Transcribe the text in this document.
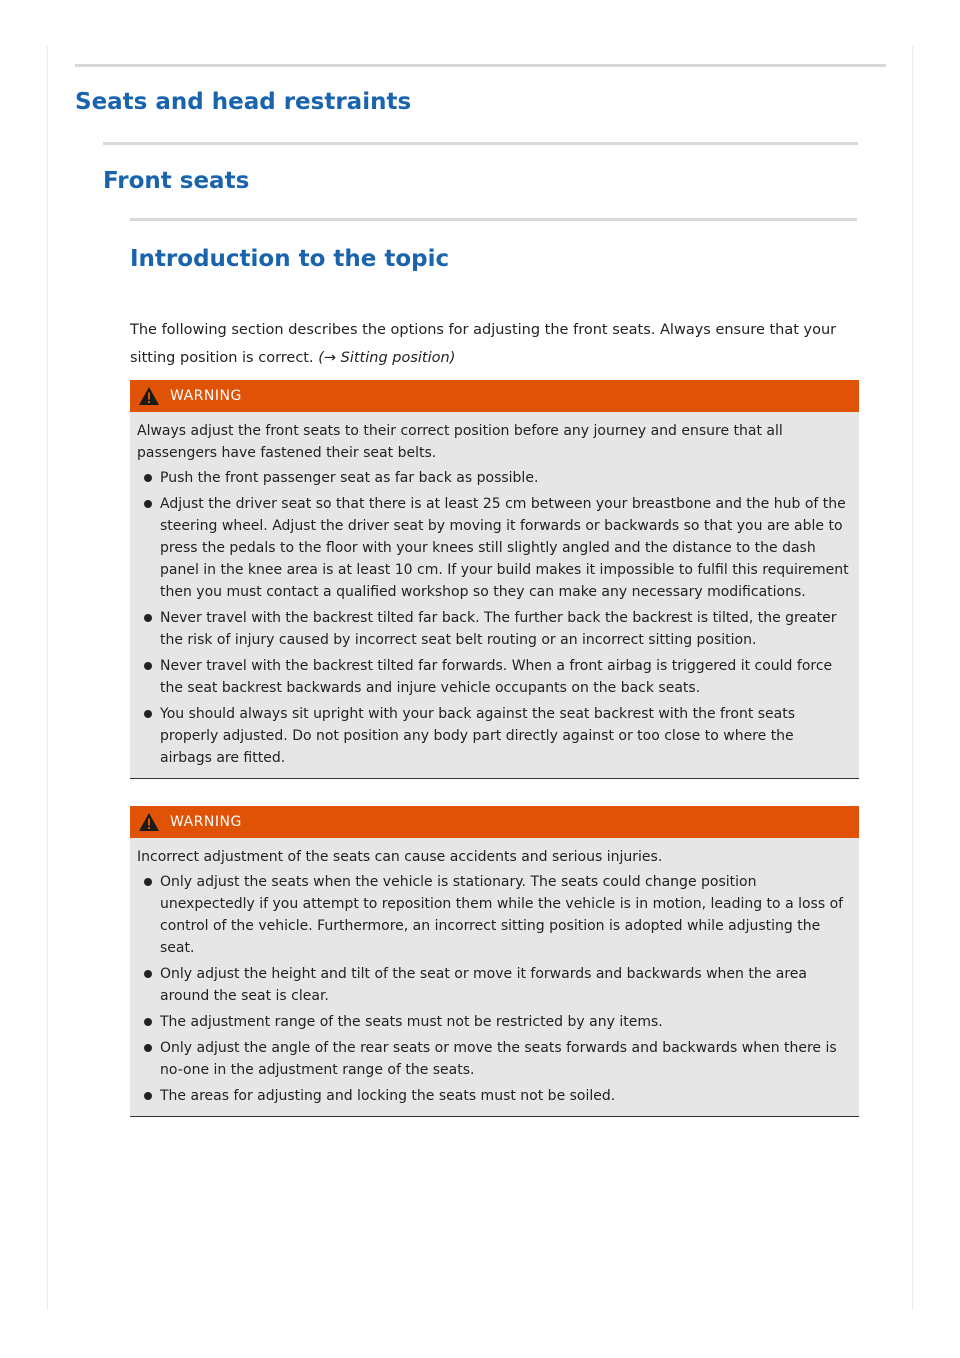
Seats and head restraints
Front seats
Introduction to the topic

The following section describes the options for adjusting the front seats. Always ensure that your sitting position is correct. (→ Sitting position)

WARNING

Always adjust the front seats to their correct position before any journey and ensure that all passengers have fastened their seat belts.

Push the front passenger seat as far back as possible.
Adjust the driver seat so that there is at least 25 cm between your breastbone and the hub of the steering wheel. Adjust the driver seat by moving it forwards or backwards so that you are able to press the pedals to the floor with your knees still slightly angled and the distance to the dash panel in the knee area is at least 10 cm. If your build makes it impossible to fulfil this requirement then you must contact a qualified workshop so they can make any necessary modifications.
Never travel with the backrest tilted far back. The further back the backrest is tilted, the greater the risk of injury caused by incorrect seat belt routing or an incorrect sitting position.
Never travel with the backrest tilted far forwards. When a front airbag is triggered it could force the seat backrest backwards and injure vehicle occupants on the back seats.
You should always sit upright with your back against the seat backrest with the front seats properly adjusted. Do not position any body part directly against or too close to where the airbags are fitted.
WARNING

Incorrect adjustment of the seats can cause accidents and serious injuries.

Only adjust the seats when the vehicle is stationary. The seats could change position unexpectedly if you attempt to reposition them while the vehicle is in motion, leading to a loss of control of the vehicle. Furthermore, an incorrect sitting position is adopted while adjusting the seat.
Only adjust the height and tilt of the seat or move it forwards and backwards when the area around the seat is clear.
The adjustment range of the seats must not be restricted by any items.
Only adjust the angle of the rear seats or move the seats forwards and backwards when there is no-one in the adjustment range of the seats.
The areas for adjusting and locking the seats must not be soiled.
